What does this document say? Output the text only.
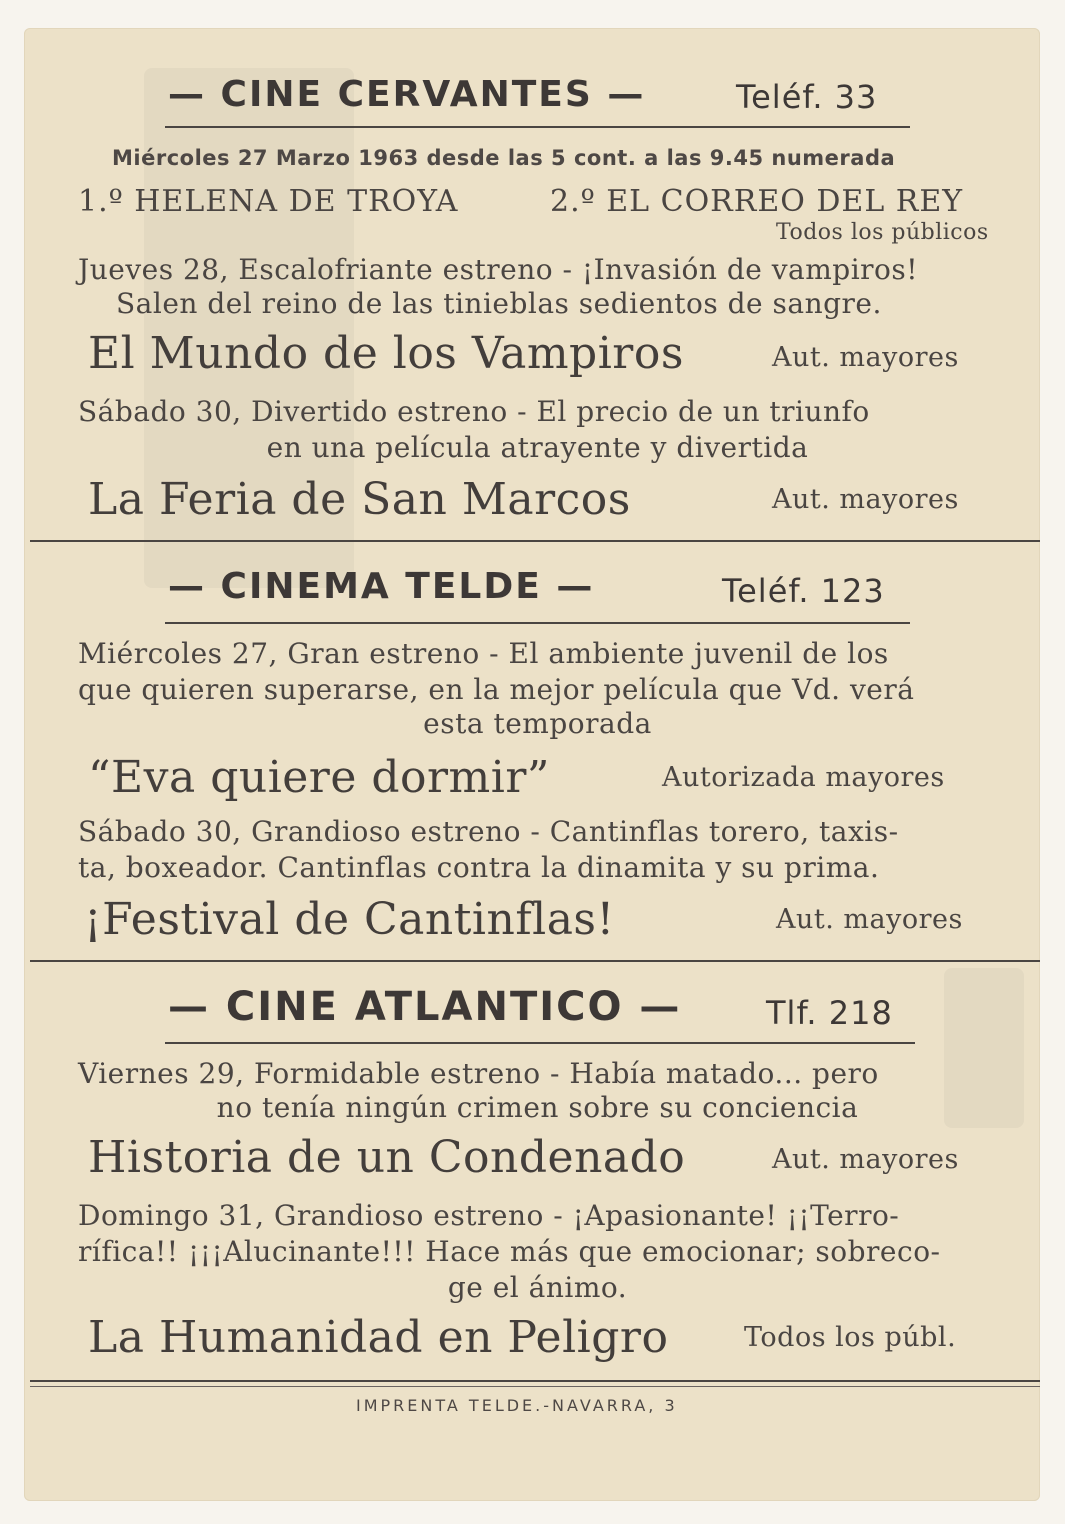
— CINE CERVANTES —	Teléf. 33
Miércoles 27 Marzo 1963 desde las 5 cont. a las 9.45 numerada
1.º HELENA DE TROYA	2.º EL CORREO DEL REY
Todos los públicos
Jueves 28, Escalofriante estreno - ¡Invasión de vampiros!
Salen del reino de las tinieblas sedientos de sangre.
El Mundo de los Vampiros	Aut. mayores
Sábado 30, Divertido estreno - El precio de un triunfo
en una película atrayente y divertida
La Feria de San Marcos	Aut. mayores
— CINEMA TELDE —	Teléf. 123
Miércoles 27, Gran estreno - El ambiente juvenil de los
que quieren superarse, en la mejor película que Vd. verá
esta temporada
“Eva quiere dormir”	Autorizada mayores
Sábado 30, Grandioso estreno - Cantinflas torero, taxis-
ta, boxeador. Cantinflas contra la dinamita y su prima.
¡Festival de Cantinflas!	Aut. mayores
— CINE ATLANTICO —	Tlf. 218
Viernes 29, Formidable estreno - Había matado... pero
no tenía ningún crimen sobre su conciencia
Historia de un Condenado	Aut. mayores
Domingo 31, Grandioso estreno - ¡Apasionante! ¡¡Terro-
rífica!! ¡¡¡Alucinante!!! Hace más que emocionar; sobreco-
ge el ánimo.
La Humanidad en Peligro	Todos los públ.
IMPRENTA TELDE.-NAVARRA, 3
